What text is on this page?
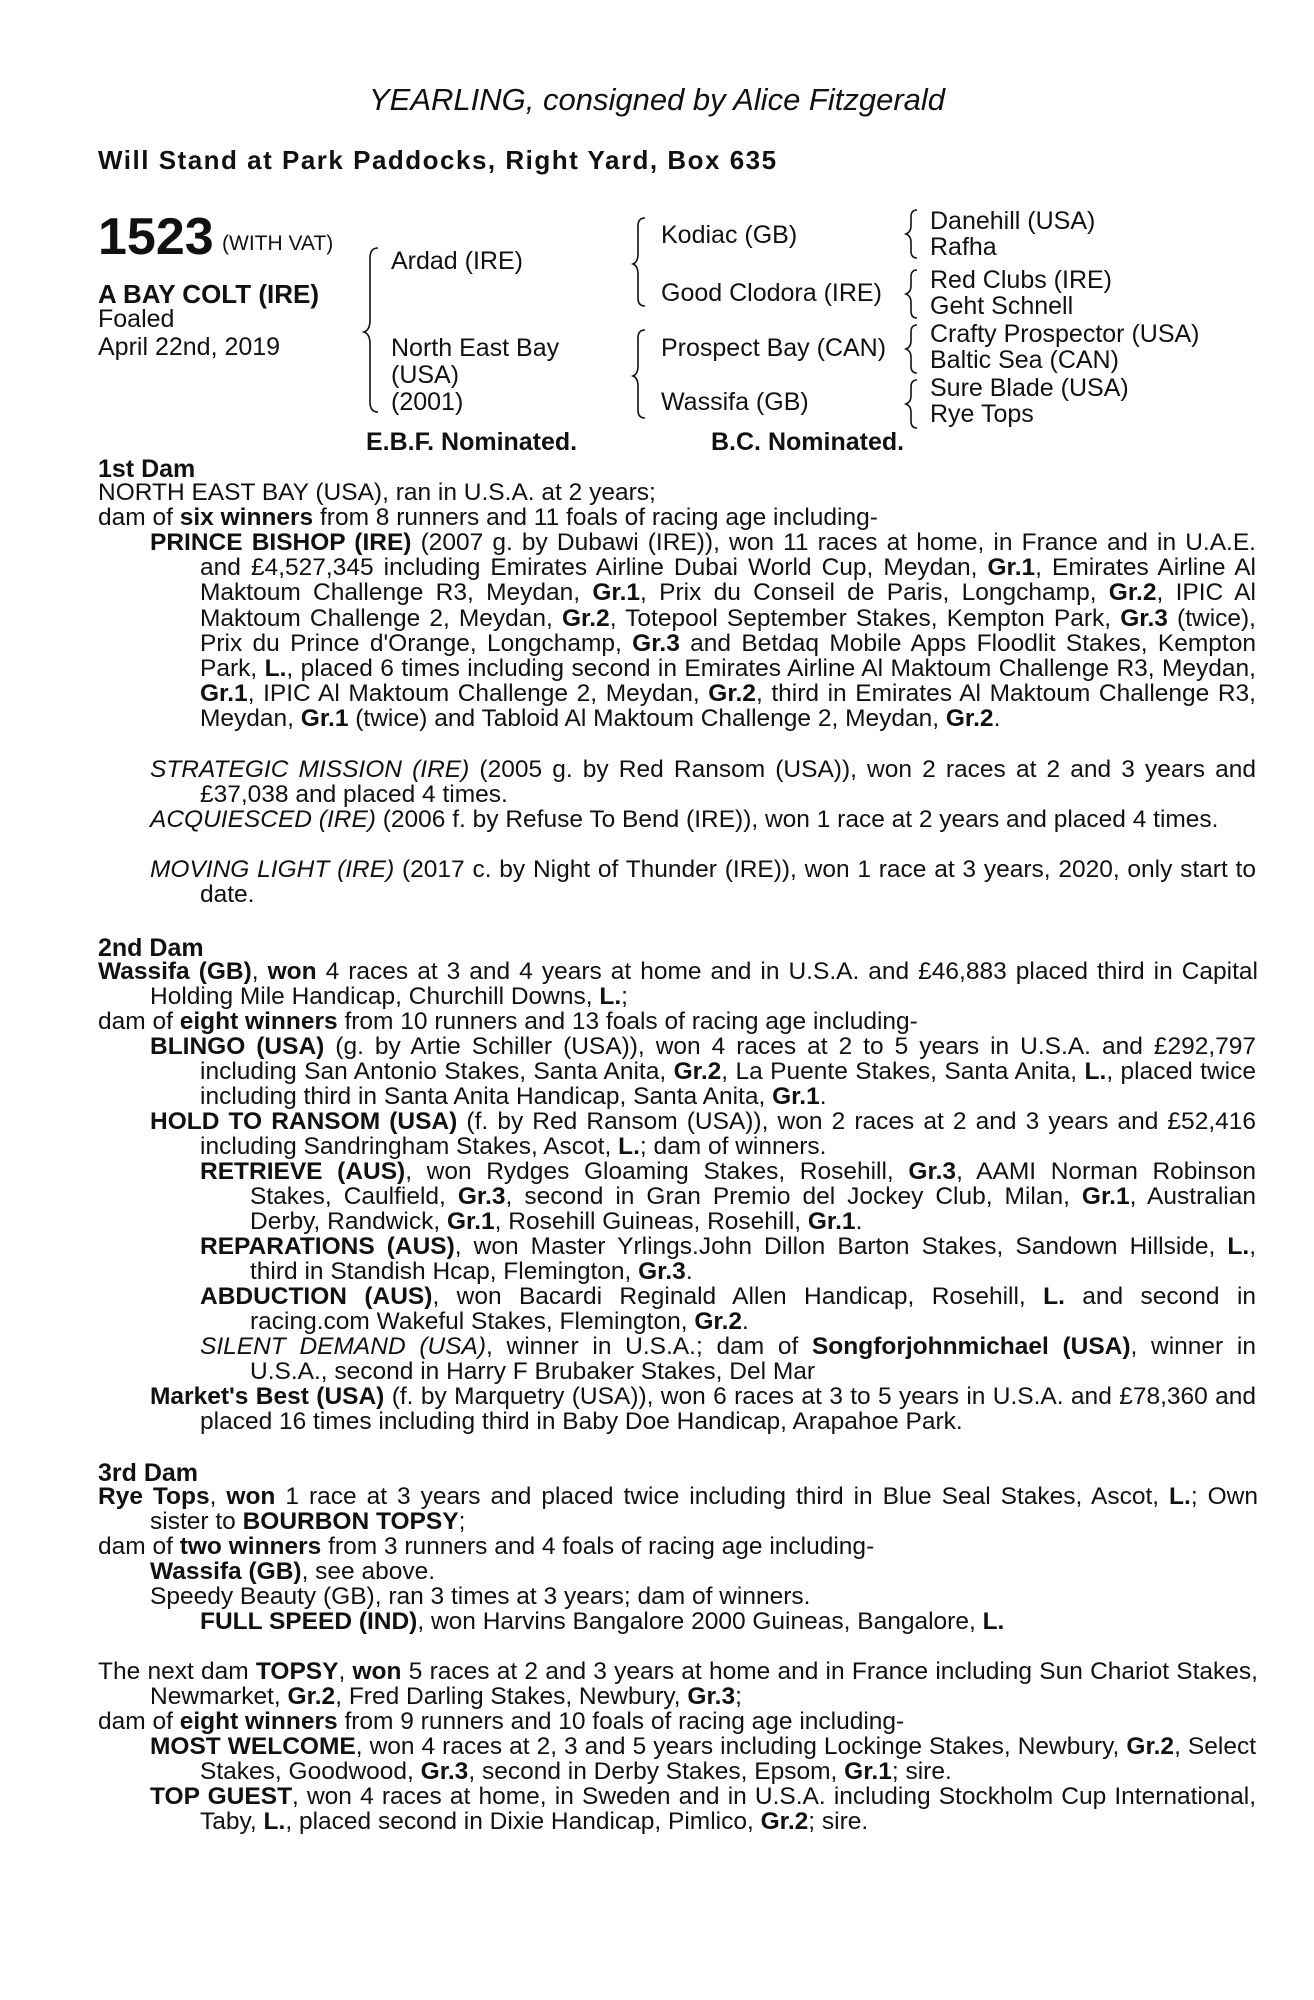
YEARLING, consigned by Alice Fitzgerald
Will Stand at Park Paddocks, Right Yard, Box 635
1523 (WITH VAT)
A BAY COLT (IRE)
Foaled
April 22nd, 2019
Ardad (IRE)
North East Bay
(USA)
(2001)
Kodiac (GB)
Good Clodora (IRE)
Prospect Bay (CAN)
Wassifa (GB)
Danehill (USA)
Rafha
Red Clubs (IRE)
Geht Schnell
Crafty Prospector (USA)
Baltic Sea (CAN)
Sure Blade (USA)
Rye Tops
E.B.F. Nominated.	B.C. Nominated.
1st Dam
NORTH EAST BAY (USA), ran in U.S.A. at 2 years;
dam of six winners from 8 runners and 11 foals of racing age including-
PRINCE BISHOP (IRE) (2007 g. by Dubawi (IRE)), won 11 races at home, in France and in U.A.E. and £4,527,345 including Emirates Airline Dubai World Cup, Meydan, Gr.1, Emirates Airline Al Maktoum Challenge R3, Meydan, Gr.1, Prix du Conseil de Paris, Longchamp, Gr.2, IPIC Al Maktoum Challenge 2, Meydan, Gr.2, Totepool September Stakes, Kempton Park, Gr.3 (twice), Prix du Prince d'Orange, Longchamp, Gr.3 and Betdaq Mobile Apps Floodlit Stakes, Kempton Park, L., placed 6 times including second in Emirates Airline Al Maktoum Challenge R3, Meydan, Gr.1, IPIC Al Maktoum Challenge 2, Meydan, Gr.2, third in Emirates Al Maktoum Challenge R3, Meydan, Gr.1 (twice) and Tabloid Al Maktoum Challenge 2, Meydan, Gr.2.
STRATEGIC MISSION (IRE) (2005 g. by Red Ransom (USA)), won 2 races at 2 and 3 years and £37,038 and placed 4 times.
ACQUIESCED (IRE) (2006 f. by Refuse To Bend (IRE)), won 1 race at 2 years and placed 4 times.
MOVING LIGHT (IRE) (2017 c. by Night of Thunder (IRE)), won 1 race at 3 years, 2020, only start to date.
2nd Dam
Wassifa (GB), won 4 races at 3 and 4 years at home and in U.S.A. and £46,883 placed third in Capital Holding Mile Handicap, Churchill Downs, L.;
dam of eight winners from 10 runners and 13 foals of racing age including-
BLINGO (USA) (g. by Artie Schiller (USA)), won 4 races at 2 to 5 years in U.S.A. and £292,797 including San Antonio Stakes, Santa Anita, Gr.2, La Puente Stakes, Santa Anita, L., placed twice including third in Santa Anita Handicap, Santa Anita, Gr.1.
HOLD TO RANSOM (USA) (f. by Red Ransom (USA)), won 2 races at 2 and 3 years and £52,416 including Sandringham Stakes, Ascot, L.; dam of winners.
RETRIEVE (AUS), won Rydges Gloaming Stakes, Rosehill, Gr.3, AAMI Norman Robinson Stakes, Caulfield, Gr.3, second in Gran Premio del Jockey Club, Milan, Gr.1, Australian Derby, Randwick, Gr.1, Rosehill Guineas, Rosehill, Gr.1.
REPARATIONS (AUS), won Master Yrlings.John Dillon Barton Stakes, Sandown Hillside, L., third in Standish Hcap, Flemington, Gr.3.
ABDUCTION (AUS), won Bacardi Reginald Allen Handicap, Rosehill, L. and second in racing.com Wakeful Stakes, Flemington, Gr.2.
SILENT DEMAND (USA), winner in U.S.A.; dam of Songforjohnmichael (USA), winner in U.S.A., second in Harry F Brubaker Stakes, Del Mar
Market's Best (USA) (f. by Marquetry (USA)), won 6 races at 3 to 5 years in U.S.A. and £78,360 and placed 16 times including third in Baby Doe Handicap, Arapahoe Park.
3rd Dam
Rye Tops, won 1 race at 3 years and placed twice including third in Blue Seal Stakes, Ascot, L.; Own sister to BOURBON TOPSY;
dam of two winners from 3 runners and 4 foals of racing age including-
Wassifa (GB), see above.
Speedy Beauty (GB), ran 3 times at 3 years; dam of winners.
FULL SPEED (IND), won Harvins Bangalore 2000 Guineas, Bangalore, L.
The next dam TOPSY, won 5 races at 2 and 3 years at home and in France including Sun Chariot Stakes, Newmarket, Gr.2, Fred Darling Stakes, Newbury, Gr.3;
dam of eight winners from 9 runners and 10 foals of racing age including-
MOST WELCOME, won 4 races at 2, 3 and 5 years including Lockinge Stakes, Newbury, Gr.2, Select Stakes, Goodwood, Gr.3, second in Derby Stakes, Epsom, Gr.1; sire.
TOP GUEST, won 4 races at home, in Sweden and in U.S.A. including Stockholm Cup International, Taby, L., placed second in Dixie Handicap, Pimlico, Gr.2; sire.
